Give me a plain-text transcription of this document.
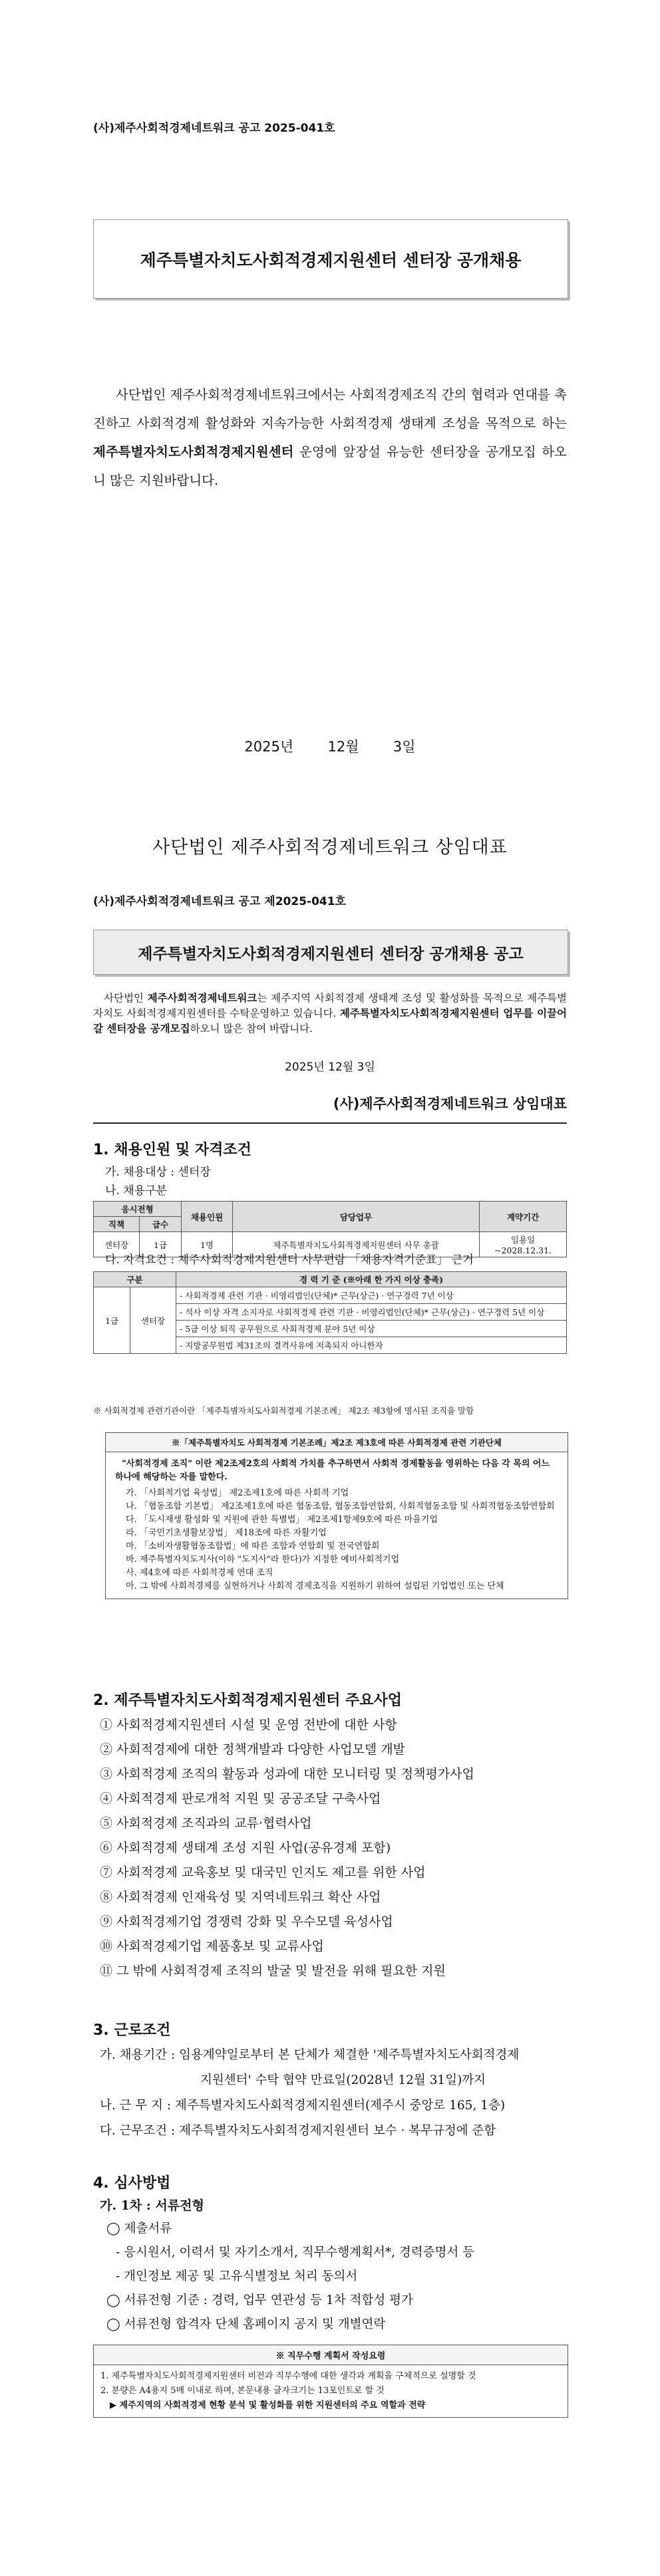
(사)제주사회적경제네트워크 공고 2025-041호
제주특별자치도사회적경제지원센터 센터장 공개채용
사단법인 제주사회적경제네트워크에서는 사회적경제조직 간의 협력과 연대를 촉진하고 사회적경제 활성화와 지속가능한 사회적경제 생태계 조성을 목적으로 하는 제주특별자치도사회적경제지원센터 운영에 앞장설 유능한 센터장을 공개모집 하오니 많은 지원바랍니다.
2025년 12월 3일
사단법인 제주사회적경제네트워크 상임대표
(사)제주사회적경제네트워크 공고 제2025-041호
제주특별자치도사회적경제지원센터 센터장 공개채용 공고
사단법인 제주사회적경제네트워크는 제주지역 사회적경제 생태계 조성 및 활성화를 목적으로 제주특별자치도 사회적경제지원센터를 수탁운영하고 있습니다. 제주특별자치도사회적경제지원센터 업무를 이끌어갈 센터장을 공개모집하오니 많은 참여 바랍니다.
2025년 12월 3일
(사)제주사회적경제네트워크 상임대표
1. 채용인원 및 자격조건
가. 채용대상 : 센터장
나. 채용구분
응시전형		채용인원	담당업무	계약기간
직책	급수			
센터장	1급	1명	제주특별자치도사회적경제지원센터 사무 총괄	임용일~2028.12.31.
다. 자격요건 : 제주사회적경제지원센터 사무편람 「채용자격기준표」 근거
구분		경 력 기 준 (※아래 한 가지 이상 충족)
1급	센터장	- 사회적경제 관련 기관 · 비영리법인(단체)* 근무(상근) · 연구경력 7년 이상
- 석사 이상 자격 소지자로 사회적경제 관련 기관 · 비영리법인(단체)* 근무(상근) · 연구경력 5년 이상
- 5급 이상 퇴직 공무원으로 사회적경제 분야 5년 이상
- 지방공무원법 제31조의 결격사유에 저촉되지 아니한자
※ 사회적경제 관련기관이란 「제주특별자치도사회적경제 기본조례」 제2조 제3항에 명시된 조직을 말함
※「제주특별자치도 사회적경제 기본조례」제2조 제3호에 따른 사회적경제 관련 기관단체
"사회적경제 조직" 이란 제2조제2호의 사회적 가치를 추구하면서 사회적 경제활동을 영위하는 다음 각 목의 어느 하나에 해당하는 자를 말한다.
가. 「사회적기업 육성법」 제2조제1호에 따른 사회적 기업
나. 「협동조합 기본법」 제2조제1호에 따른 협동조합, 협동조합연합회, 사회적협동조합 및 사회적협동조합연합회
다. 「도시재생 활성화 및 지원에 관한 특별법」 제2조제1항제9호에 따른 마을기업
라. 「국민기초생활보장법」 제18조에 따른 자활기업
마. 「소비자생활협동조합법」에 따른 조합과 연합회 및 전국연합회
바. 제주특별자치도지사(이하 "도지사"라 한다)가 지정한 예비사회적기업
사. 제4호에 따른 사회적경제 연대 조직
아. 그 밖에 사회적경제를 실현하거나 사회적 경제조직을 지원하기 위하여 설립된 기업법인 또는 단체
2. 제주특별자치도사회적경제지원센터 주요사업
① 사회적경제지원센터 시설 및 운영 전반에 대한 사항
② 사회적경제에 대한 정책개발과 다양한 사업모델 개발
③ 사회적경제 조직의 활동과 성과에 대한 모니터링 및 정책평가사업
④ 사회적경제 판로개척 지원 및 공공조달 구축사업
⑤ 사회적경제 조직과의 교류·협력사업
⑥ 사회적경제 생태계 조성 지원 사업(공유경제 포함)
⑦ 사회적경제 교육홍보 및 대국민 인지도 제고를 위한 사업
⑧ 사회적경제 인재육성 및 지역네트워크 확산 사업
⑨ 사회적경제기업 경쟁력 강화 및 우수모델 육성사업
⑩ 사회적경제기업 제품홍보 및 교류사업
⑪ 그 밖에 사회적경제 조직의 발굴 및 발전을 위해 필요한 지원
3. 근로조건
가. 채용기간 : 임용계약일로부터 본 단체가 체결한 '제주특별자치도사회적경제
지원센터' 수탁 협약 만료일(2028년 12월 31일)까지
나. 근 무 지 : 제주특별자치도사회적경제지원센터(제주시 중앙로 165, 1층)
다. 근무조건 : 제주특별자치도사회적경제지원센터 보수 · 복무규정에 준함
4. 심사방법
가. 1차 : 서류전형
◯ 제출서류
- 응시원서, 이력서 및 자기소개서, 직무수행계획서*, 경력증명서 등
- 개인정보 제공 및 고유식별정보 처리 동의서
◯ 서류전형 기준 : 경력, 업무 연관성 등 1차 적합성 평가
◯ 서류전형 합격자 단체 홈페이지 공지 및 개별연락
※ 직무수행 계획서 작성요령
1. 제주특별자치도사회적경제지원센터 비전과 직무수행에 대한 생각과 계획을 구체적으로 설명할 것
2. 분량은 A4용지 5매 이내로 하며, 본문내용 글자크기는 13포인트로 할 것
▶ 제주지역의 사회적경제 현황 분석 및 활성화를 위한 지원센터의 주요 역할과 전략
